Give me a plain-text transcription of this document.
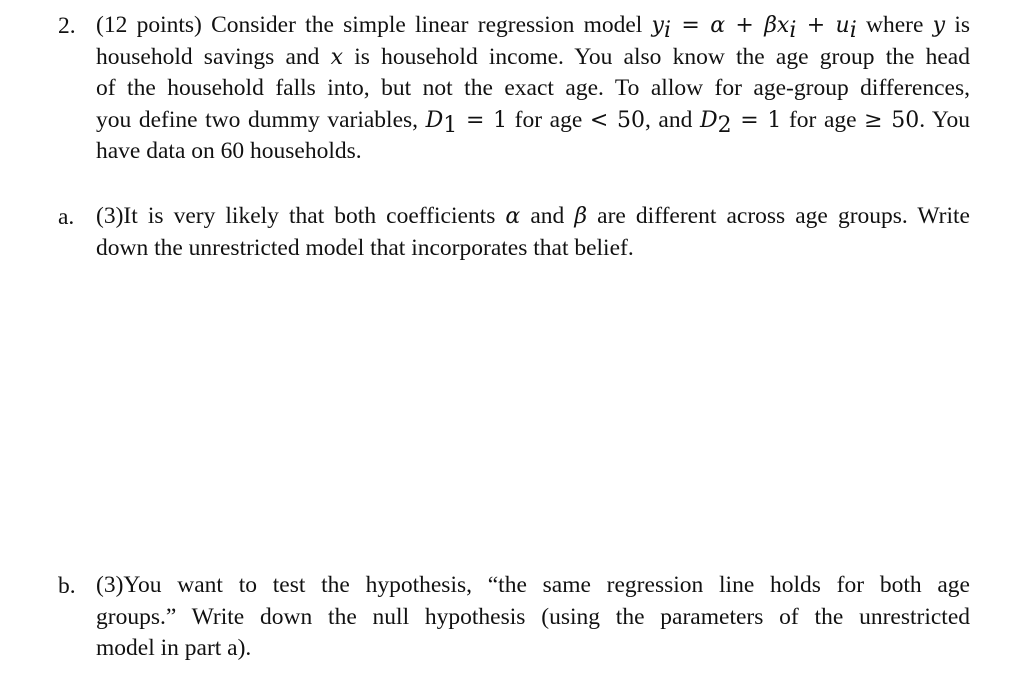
2. (12 points) Consider the simple linear regression model $y_i = \alpha + \beta x_i + u_i$ where y is
household savings and x is household income. You also know the age group the head
of the household falls into, but not the exact age. To allow for age-group differences,
you define two dummy variables, $D_1 = 1$ for age < 50, and $D_2 = 1$ for age ≥ 50. You
have data on 60 households.
a. (3)It is very likely that both coefficients α and β are different across age groups. Write
down the unrestricted model that incorporates that belief.
b. (3)You want to test the hypothesis, “the same regression line holds for both age
groups.” Write down the null hypothesis (using the parameters of the unrestricted
model in part a).
